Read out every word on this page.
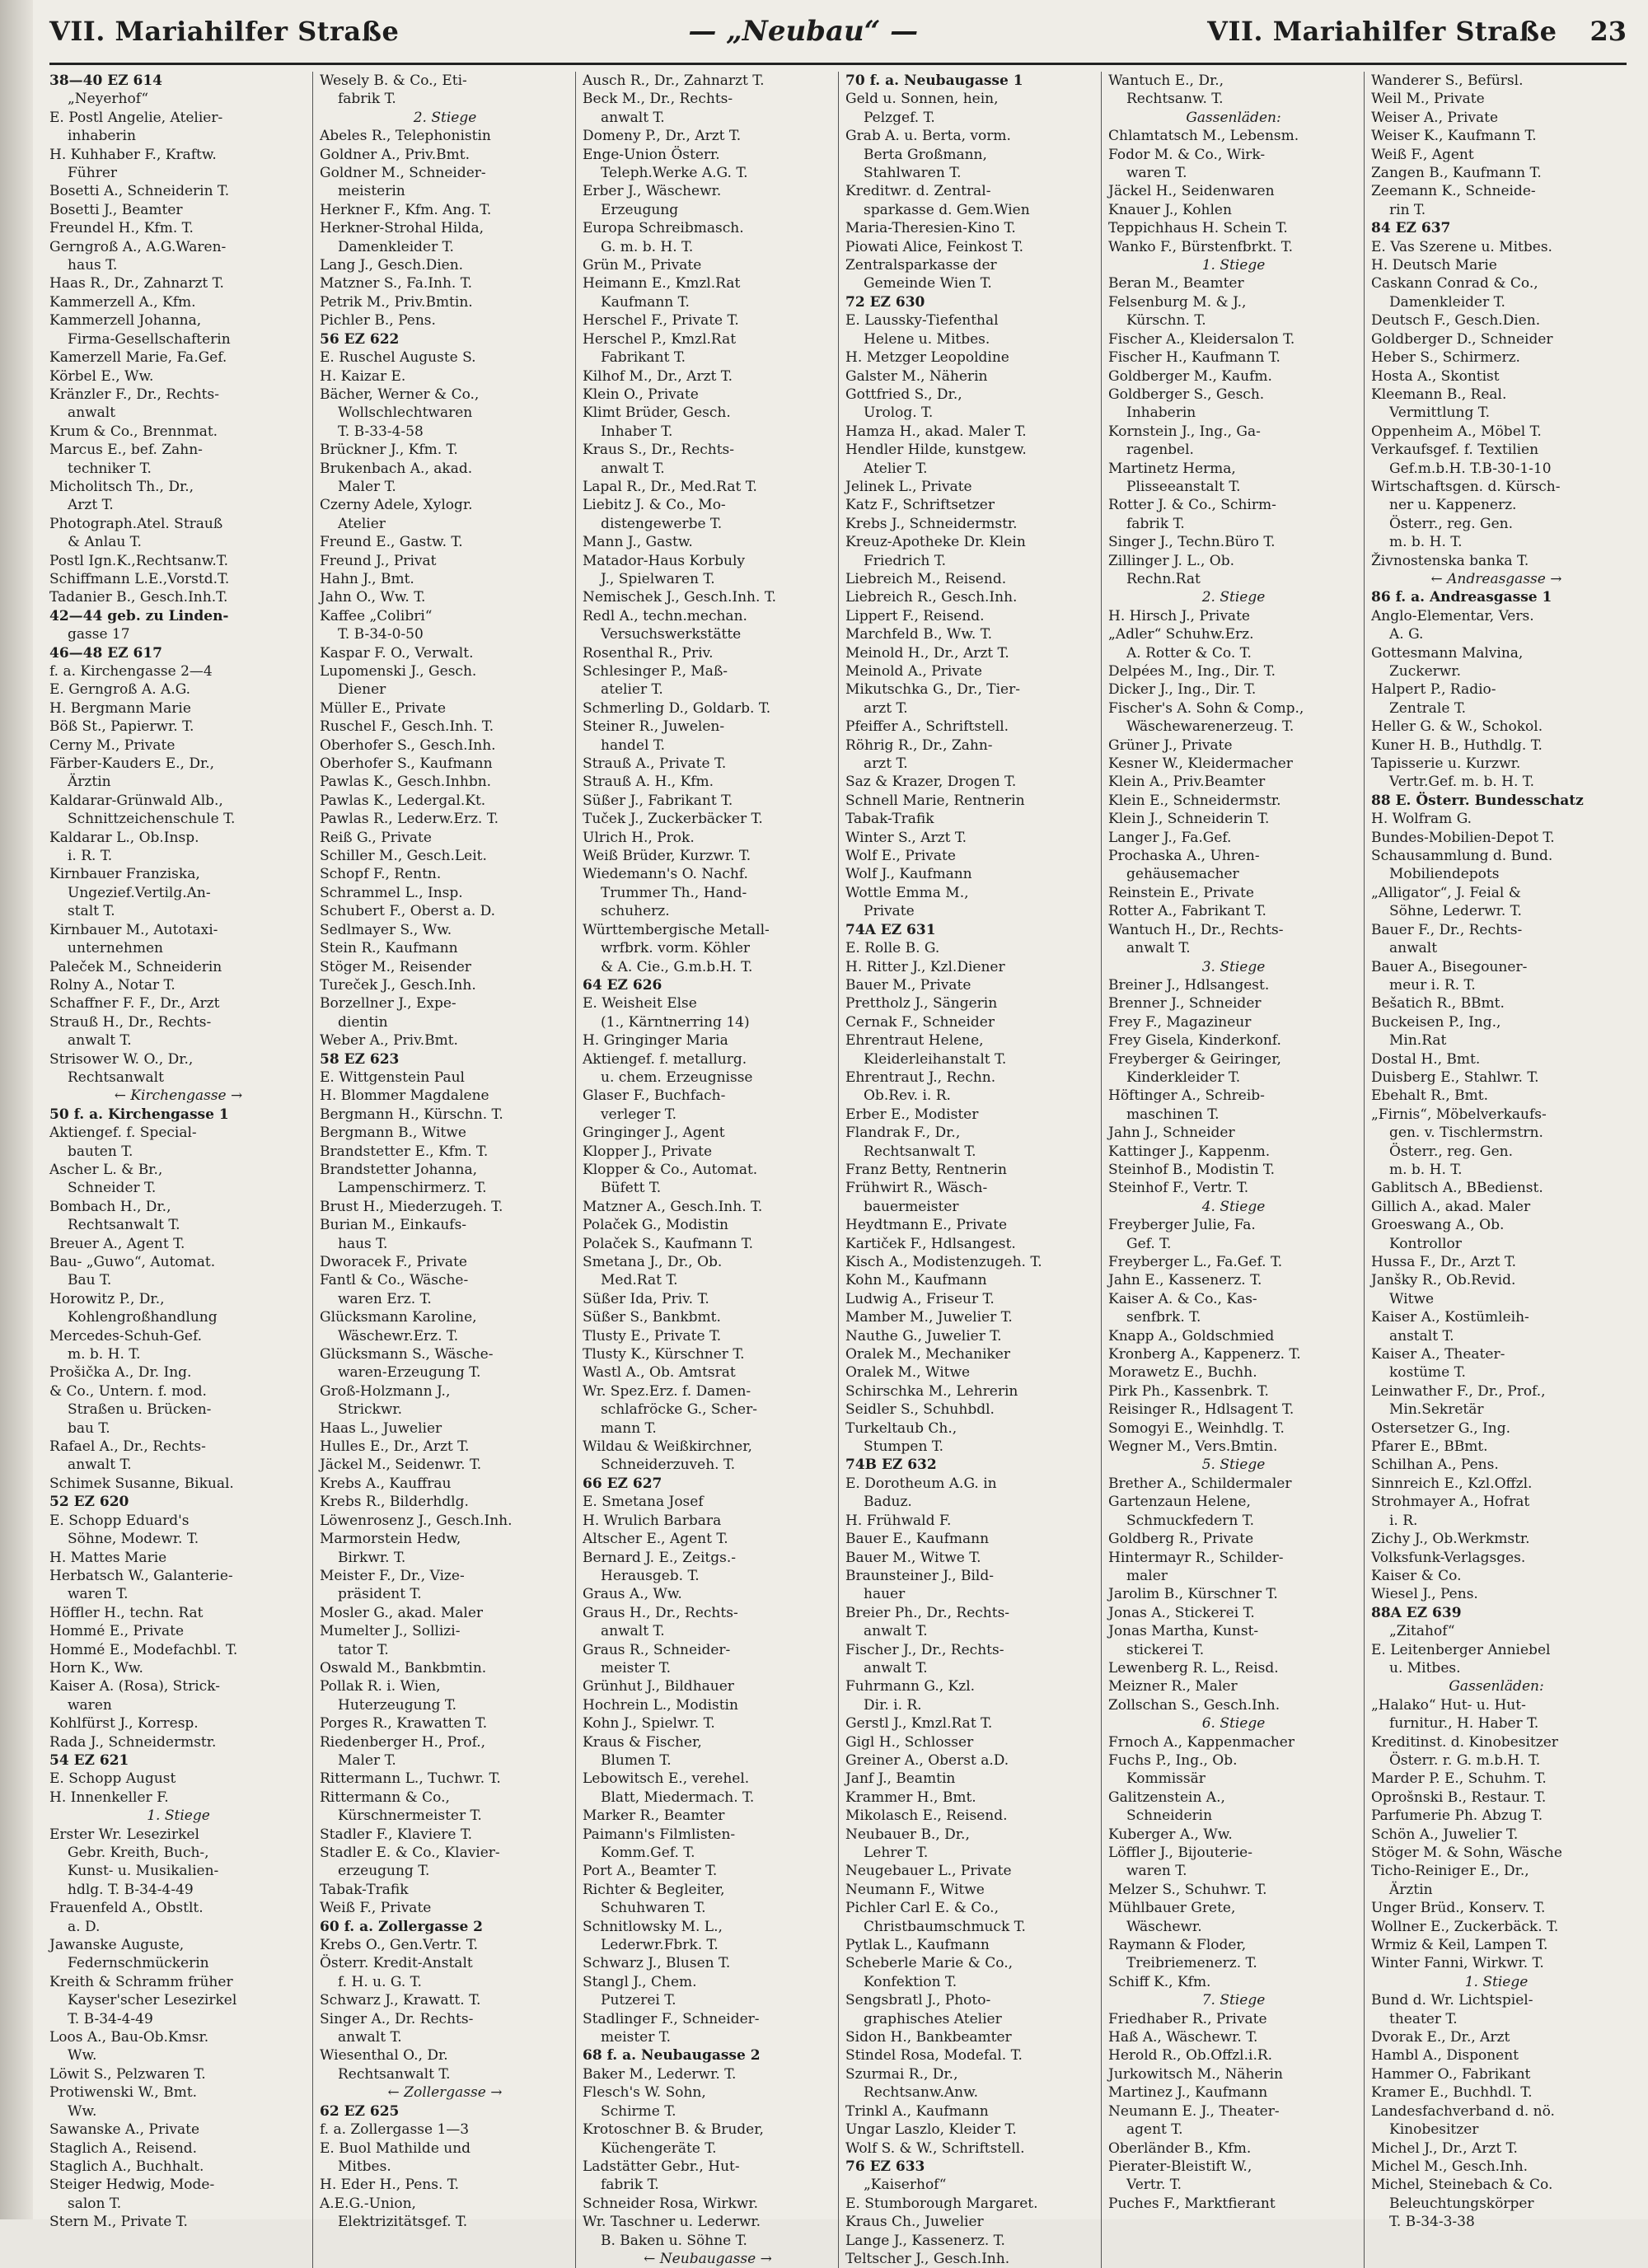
VII. Mariahilfer Straße	— „Neubau“ —	VII. Mariahilfer Straße 23
38—40 EZ 614
„Neyerhof“
E. Postl Angelie, Atelier-
inhaberin
H. Kuhhaber F., Kraftw.
Führer
Bosetti A., Schneiderin T.
Bosetti J., Beamter
Freundel H., Kfm. T.
Gerngroß A., A.G.Waren-
haus T.
Haas R., Dr., Zahnarzt T.
Kammerzell A., Kfm.
Kammerzell Johanna,
Firma-Gesellschafterin
Kamerzell Marie, Fa.Gef.
Körbel E., Ww.
Kränzler F., Dr., Rechts-
anwalt
Krum & Co., Brennmat.
Marcus E., bef. Zahn-
techniker T.
Micholitsch Th., Dr.,
Arzt T.
Photograph.Atel. Strauß
& Anlau T.
Postl Ign.K.,Rechtsanw.T.
Schiffmann L.E.,Vorstd.T.
Tadanier B., Gesch.Inh.T.
42—44 geb. zu Linden-
gasse 17
46—48 EZ 617
f. a. Kirchengasse 2—4
E. Gerngroß A. A.G.
H. Bergmann Marie
Böß St., Papierwr. T.
Cerny M., Private
Färber-Kauders E., Dr.,
Ärztin
Kaldarar-Grünwald Alb.,
Schnittzeichenschule T.
Kaldarar L., Ob.Insp.
i. R. T.
Kirnbauer Franziska,
Ungezief.Vertilg.An-
stalt T.
Kirnbauer M., Autotaxi-
unternehmen
Paleček M., Schneiderin
Rolny A., Notar T.
Schaffner F. F., Dr., Arzt
Strauß H., Dr., Rechts-
anwalt T.
Strisower W. O., Dr.,
Rechtsanwalt
← Kirchengasse →
50 f. a. Kirchengasse 1
Aktiengef. f. Special-
bauten T.
Ascher L. & Br.,
Schneider T.
Bombach H., Dr.,
Rechtsanwalt T.
Breuer A., Agent T.
Bau- „Guwo“, Automat.
Bau T.
Horowitz P., Dr.,
Kohlengroßhandlung
Mercedes-Schuh-Gef.
m. b. H. T.
Prošička A., Dr. Ing.
& Co., Untern. f. mod.
Straßen u. Brücken-
bau T.
Rafael A., Dr., Rechts-
anwalt T.
Schimek Susanne, Bikual.
52 EZ 620
E. Schopp Eduard's
Söhne, Modewr. T.
H. Mattes Marie
Herbatsch W., Galanterie-
waren T.
Höffler H., techn. Rat
Hommé E., Private
Hommé E., Modefachbl. T.
Horn K., Ww.
Kaiser A. (Rosa), Strick-
waren
Kohlfürst J., Korresp.
Rada J., Schneidermstr.
54 EZ 621
E. Schopp August
H. Innenkeller F.
1. Stiege
Erster Wr. Lesezirkel
Gebr. Kreith, Buch-,
Kunst- u. Musikalien-
hdlg. T. B-34-4-49
Frauenfeld A., Obstlt.
a. D.
Jawanske Auguste,
Federnschmückerin
Kreith & Schramm früher
Kayser'scher Lesezirkel
T. B-34-4-49
Loos A., Bau-Ob.Kmsr.
Ww.
Löwit S., Pelzwaren T.
Protiwenski W., Bmt.
Ww.
Sawanske A., Private
Staglich A., Reisend.
Staglich A., Buchhalt.
Steiger Hedwig, Mode-
salon T.
Stern M., Private T.
Wesely B. & Co., Eti-
fabrik T.
2. Stiege
Abeles R., Telephonistin
Goldner A., Priv.Bmt.
Goldner M., Schneider-
meisterin
Herkner F., Kfm. Ang. T.
Herkner-Strohal Hilda,
Damenkleider T.
Lang J., Gesch.Dien.
Matzner S., Fa.Inh. T.
Petrik M., Priv.Bmtin.
Pichler B., Pens.
56 EZ 622
E. Ruschel Auguste S.
H. Kaizar E.
Bächer, Werner & Co.,
Wollschlechtwaren
T. B-33-4-58
Brückner J., Kfm. T.
Brukenbach A., akad.
Maler T.
Czerny Adele, Xylogr.
Atelier
Freund E., Gastw. T.
Freund J., Privat
Hahn J., Bmt.
Jahn O., Ww. T.
Kaffee „Colibri“
T. B-34-0-50
Kaspar F. O., Verwalt.
Lupomenski J., Gesch.
Diener
Müller E., Private
Ruschel F., Gesch.Inh. T.
Oberhofer S., Gesch.Inh.
Oberhofer S., Kaufmann
Pawlas K., Gesch.Inhbn.
Pawlas K., Ledergal.Kt.
Pawlas R., Lederw.Erz. T.
Reiß G., Private
Schiller M., Gesch.Leit.
Schopf F., Rentn.
Schrammel L., Insp.
Schubert F., Oberst a. D.
Sedlmayer S., Ww.
Stein R., Kaufmann
Stöger M., Reisender
Tureček J., Gesch.Inh.
Borzellner J., Expe-
dientin
Weber A., Priv.Bmt.
58 EZ 623
E. Wittgenstein Paul
H. Blommer Magdalene
Bergmann H., Kürschn. T.
Bergmann B., Witwe
Brandstetter E., Kfm. T.
Brandstetter Johanna,
Lampenschirmerz. T.
Brust H., Miederzugeh. T.
Burian M., Einkaufs-
haus T.
Dworacek F., Private
Fantl & Co., Wäsche-
waren Erz. T.
Glücksmann Karoline,
Wäschewr.Erz. T.
Glücksmann S., Wäsche-
waren-Erzeugung T.
Groß-Holzmann J.,
Strickwr.
Haas L., Juwelier
Hulles E., Dr., Arzt T.
Jäckel M., Seidenwr. T.
Krebs A., Kauffrau
Krebs R., Bilderhdlg.
Löwenrosenz J., Gesch.Inh.
Marmorstein Hedw,
Birkwr. T.
Meister F., Dr., Vize-
präsident T.
Mosler G., akad. Maler
Mumelter J., Sollizi-
tator T.
Oswald M., Bankbmtin.
Pollak R. i. Wien,
Huterzeugung T.
Porges R., Krawatten T.
Riedenberger H., Prof.,
Maler T.
Rittermann L., Tuchwr. T.
Rittermann & Co.,
Kürschnermeister T.
Stadler F., Klaviere T.
Stadler E. & Co., Klavier-
erzeugung T.
Tabak-Trafik
Weiß F., Private
60 f. a. Zollergasse 2
Krebs O., Gen.Vertr. T.
Österr. Kredit-Anstalt
f. H. u. G. T.
Schwarz J., Krawatt. T.
Singer A., Dr. Rechts-
anwalt T.
Wiesenthal O., Dr.
Rechtsanwalt T.
← Zollergasse →
62 EZ 625
f. a. Zollergasse 1—3
E. Buol Mathilde und
Mitbes.
H. Eder H., Pens. T.
A.E.G.-Union,
Elektrizitätsgef. T.
Ausch R., Dr., Zahnarzt T.
Beck M., Dr., Rechts-
anwalt T.
Domeny P., Dr., Arzt T.
Enge-Union Österr.
Teleph.Werke A.G. T.
Erber J., Wäschewr.
Erzeugung
Europa Schreibmasch.
G. m. b. H. T.
Grün M., Private
Heimann E., Kmzl.Rat
Kaufmann T.
Herschel F., Private T.
Herschel P., Kmzl.Rat
Fabrikant T.
Kilhof M., Dr., Arzt T.
Klein O., Private
Klimt Brüder, Gesch.
Inhaber T.
Kraus S., Dr., Rechts-
anwalt T.
Lapal R., Dr., Med.Rat T.
Liebitz J. & Co., Mo-
distengewerbe T.
Mann J., Gastw.
Matador-Haus Korbuly
J., Spielwaren T.
Nemischek J., Gesch.Inh. T.
Redl A., techn.mechan.
Versuchswerkstätte
Rosenthal R., Priv.
Schlesinger P., Maß-
atelier T.
Schmerling D., Goldarb. T.
Steiner R., Juwelen-
handel T.
Strauß A., Private T.
Strauß A. H., Kfm.
Süßer J., Fabrikant T.
Tuček J., Zuckerbäcker T.
Ulrich H., Prok.
Weiß Brüder, Kurzwr. T.
Wiedemann's O. Nachf.
Trummer Th., Hand-
schuherz.
Württembergische Metall-
wrfbrk. vorm. Köhler
& A. Cie., G.m.b.H. T.
64 EZ 626
E. Weisheit Else
(1., Kärntnerring 14)
H. Gringinger Maria
Aktiengef. f. metallurg.
u. chem. Erzeugnisse
Glaser F., Buchfach-
verleger T.
Gringinger J., Agent
Klopper J., Private
Klopper & Co., Automat.
Büfett T.
Matzner A., Gesch.Inh. T.
Polaček G., Modistin
Polaček S., Kaufmann T.
Smetana J., Dr., Ob.
Med.Rat T.
Süßer Ida, Priv. T.
Süßer S., Bankbmt.
Tlusty E., Private T.
Tlusty K., Kürschner T.
Wastl A., Ob. Amtsrat
Wr. Spez.Erz. f. Damen-
schlafröcke G., Scher-
mann T.
Wildau & Weißkirchner,
Schneiderzuveh. T.
66 EZ 627
E. Smetana Josef
H. Wrulich Barbara
Altscher E., Agent T.
Bernard J. E., Zeitgs.-
Herausgeb. T.
Graus A., Ww.
Graus H., Dr., Rechts-
anwalt T.
Graus R., Schneider-
meister T.
Grünhut J., Bildhauer
Hochrein L., Modistin
Kohn J., Spielwr. T.
Kraus & Fischer,
Blumen T.
Lebowitsch E., verehel.
Blatt, Miedermach. T.
Marker R., Beamter
Paimann's Filmlisten-
Komm.Gef. T.
Port A., Beamter T.
Richter & Begleiter,
Schuhwaren T.
Schnitlowsky M. L.,
Lederwr.Fbrk. T.
Schwarz J., Blusen T.
Stangl J., Chem.
Putzerei T.
Stadlinger F., Schneider-
meister T.
68 f. a. Neubaugasse 2
Baker M., Lederwr. T.
Flesch's W. Sohn,
Schirme T.
Krotoschner B. & Bruder,
Küchengeräte T.
Ladstätter Gebr., Hut-
fabrik T.
Schneider Rosa, Wirkwr.
Wr. Taschner u. Lederwr.
B. Baken u. Söhne T.
← Neubaugasse →
70 f. a. Neubaugasse 1
Geld u. Sonnen, hein,
Pelzgef. T.
Grab A. u. Berta, vorm.
Berta Großmann,
Stahlwaren T.
Kreditwr. d. Zentral-
sparkasse d. Gem.Wien
Maria-Theresien-Kino T.
Piowati Alice, Feinkost T.
Zentralsparkasse der
Gemeinde Wien T.
72 EZ 630
E. Laussky-Tiefenthal
Helene u. Mitbes.
H. Metzger Leopoldine
Galster M., Näherin
Gottfried S., Dr.,
Urolog. T.
Hamza H., akad. Maler T.
Hendler Hilde, kunstgew.
Atelier T.
Jelinek L., Private
Katz F., Schriftsetzer
Krebs J., Schneidermstr.
Kreuz-Apotheke Dr. Klein
Friedrich T.
Liebreich M., Reisend.
Liebreich R., Gesch.Inh.
Lippert F., Reisend.
Marchfeld B., Ww. T.
Meinold H., Dr., Arzt T.
Meinold A., Private
Mikutschka G., Dr., Tier-
arzt T.
Pfeiffer A., Schriftstell.
Röhrig R., Dr., Zahn-
arzt T.
Saz & Krazer, Drogen T.
Schnell Marie, Rentnerin
Tabak-Trafik
Winter S., Arzt T.
Wolf E., Private
Wolf J., Kaufmann
Wottle Emma M.,
Private
74A EZ 631
E. Rolle B. G.
H. Ritter J., Kzl.Diener
Bauer M., Private
Prettholz J., Sängerin
Cernak F., Schneider
Ehrentraut Helene,
Kleiderleihanstalt T.
Ehrentraut J., Rechn.
Ob.Rev. i. R.
Erber E., Modister
Flandrak F., Dr.,
Rechtsanwalt T.
Franz Betty, Rentnerin
Frühwirt R., Wäsch-
bauermeister
Heydtmann E., Private
Kartiček F., Hdlsangest.
Kisch A., Modistenzugeh. T.
Kohn M., Kaufmann
Ludwig A., Friseur T.
Mamber M., Juwelier T.
Nauthe G., Juwelier T.
Oralek M., Mechaniker
Oralek M., Witwe
Schirschka M., Lehrerin
Seidler S., Schuhbdl.
Turkeltaub Ch.,
Stumpen T.
74B EZ 632
E. Dorotheum A.G. in
Baduz.
H. Frühwald F.
Bauer E., Kaufmann
Bauer M., Witwe T.
Braunsteiner J., Bild-
hauer
Breier Ph., Dr., Rechts-
anwalt T.
Fischer J., Dr., Rechts-
anwalt T.
Fuhrmann G., Kzl.
Dir. i. R.
Gerstl J., Kmzl.Rat T.
Gigl H., Schlosser
Greiner A., Oberst a.D.
Janf J., Beamtin
Krammer H., Bmt.
Mikolasch E., Reisend.
Neubauer B., Dr.,
Lehrer T.
Neugebauer L., Private
Neumann F., Witwe
Pichler Carl E. & Co.,
Christbaumschmuck T.
Pytlak L., Kaufmann
Scheberle Marie & Co.,
Konfektion T.
Sengsbratl J., Photo-
graphisches Atelier
Sidon H., Bankbeamter
Stindel Rosa, Modefal. T.
Szurmai R., Dr.,
Rechtsanw.Anw.
Trinkl A., Kaufmann
Ungar Laszlo, Kleider T.
Wolf S. & W., Schriftstell.
76 EZ 633
„Kaiserhof“
E. Stumborough Margaret.
Kraus Ch., Juwelier
Lange J., Kassenerz. T.
Teltscher J., Gesch.Inh.
Wantuch E., Dr.,
Rechtsanw. T.
Gassenläden:
Chlamtatsch M., Lebensm.
Fodor M. & Co., Wirk-
waren T.
Jäckel H., Seidenwaren
Knauer J., Kohlen
Teppichhaus H. Schein T.
Wanko F., Bürstenfbrkt. T.
1. Stiege
Beran M., Beamter
Felsenburg M. & J.,
Kürschn. T.
Fischer A., Kleidersalon T.
Fischer H., Kaufmann T.
Goldberger M., Kaufm.
Goldberger S., Gesch.
Inhaberin
Kornstein J., Ing., Ga-
ragenbel.
Martinetz Herma,
Plisseeanstalt T.
Rotter J. & Co., Schirm-
fabrik T.
Singer J., Techn.Büro T.
Zillinger J. L., Ob.
Rechn.Rat
2. Stiege
H. Hirsch J., Private
„Adler“ Schuhw.Erz.
A. Rotter & Co. T.
Delpées M., Ing., Dir. T.
Dicker J., Ing., Dir. T.
Fischer's A. Sohn & Comp.,
Wäschewarenerzeug. T.
Grüner J., Private
Kesner W., Kleidermacher
Klein A., Priv.Beamter
Klein E., Schneidermstr.
Klein J., Schneiderin T.
Langer J., Fa.Gef.
Prochaska A., Uhren-
gehäusemacher
Reinstein E., Private
Rotter A., Fabrikant T.
Wantuch H., Dr., Rechts-
anwalt T.
3. Stiege
Breiner J., Hdlsangest.
Brenner J., Schneider
Frey F., Magazineur
Frey Gisela, Kinderkonf.
Freyberger & Geiringer,
Kinderkleider T.
Höftinger A., Schreib-
maschinen T.
Jahn J., Schneider
Kattinger J., Kappenm.
Steinhof B., Modistin T.
Steinhof F., Vertr. T.
4. Stiege
Freyberger Julie, Fa.
Gef. T.
Freyberger L., Fa.Gef. T.
Jahn E., Kassenerz. T.
Kaiser A. & Co., Kas-
senfbrk. T.
Knapp A., Goldschmied
Kronberg A., Kappenerz. T.
Morawetz E., Buchh.
Pirk Ph., Kassenbrk. T.
Reisinger R., Hdlsagent T.
Somogyi E., Weinhdlg. T.
Wegner M., Vers.Bmtin.
5. Stiege
Brether A., Schildermaler
Gartenzaun Helene,
Schmuckfedern T.
Goldberg R., Private
Hintermayr R., Schilder-
maler
Jarolim B., Kürschner T.
Jonas A., Stickerei T.
Jonas Martha, Kunst-
stickerei T.
Lewenberg R. L., Reisd.
Meizner R., Maler
Zollschan S., Gesch.Inh.
6. Stiege
Frnoch A., Kappenmacher
Fuchs P., Ing., Ob.
Kommissär
Galitzenstein A.,
Schneiderin
Kuberger A., Ww.
Löffler J., Bijouterie-
waren T.
Melzer S., Schuhwr. T.
Mühlbauer Grete,
Wäschewr.
Raymann & Floder,
Treibriemenerz. T.
Schiff K., Kfm.
7. Stiege
Friedhaber R., Private
Haß A., Wäschewr. T.
Herold R., Ob.Offzl.i.R.
Jurkowitsch M., Näherin
Martinez J., Kaufmann
Neumann E. J., Theater-
agent T.
Oberländer B., Kfm.
Pierater-Bleistift W.,
Vertr. T.
Puches F., Marktfierant
Wanderer S., Befürsl.
Weil M., Private
Weiser A., Private
Weiser K., Kaufmann T.
Weiß F., Agent
Zangen B., Kaufmann T.
Zeemann K., Schneide-
rin T.
84 EZ 637
E. Vas Szerene u. Mitbes.
H. Deutsch Marie
Caskann Conrad & Co.,
Damenkleider T.
Deutsch F., Gesch.Dien.
Goldberger D., Schneider
Heber S., Schirmerz.
Hosta A., Skontist
Kleemann B., Real.
Vermittlung T.
Oppenheim A., Möbel T.
Verkaufsgef. f. Textilien
Gef.m.b.H. T.B-30-1-10
Wirtschaftsgen. d. Kürsch-
ner u. Kappenerz.
Österr., reg. Gen.
m. b. H. T.
Živnostenska banka T.
← Andreasgasse →
86 f. a. Andreasgasse 1
Anglo-Elementar, Vers.
A. G.
Gottesmann Malvina,
Zuckerwr.
Halpert P., Radio-
Zentrale T.
Heller G. & W., Schokol.
Kuner H. B., Huthdlg. T.
Tapisserie u. Kurzwr.
Vertr.Gef. m. b. H. T.
88 E. Österr. Bundesschatz
H. Wolfram G.
Bundes-Mobilien-Depot T.
Schausammlung d. Bund.
Mobiliendepots
„Alligator“, J. Feial &
Söhne, Lederwr. T.
Bauer F., Dr., Rechts-
anwalt
Bauer A., Bisegouner-
meur i. R. T.
Bešatich R., BBmt.
Buckeisen P., Ing.,
Min.Rat
Dostal H., Bmt.
Duisberg E., Stahlwr. T.
Ebehalt R., Bmt.
„Firnis“, Möbelverkaufs-
gen. v. Tischlermstrn.
Österr., reg. Gen.
m. b. H. T.
Gablitsch A., BBedienst.
Gillich A., akad. Maler
Groeswang A., Ob.
Kontrollor
Hussa F., Dr., Arzt T.
Janšky R., Ob.Revid.
Witwe
Kaiser A., Kostümleih-
anstalt T.
Kaiser A., Theater-
kostüme T.
Leinwather F., Dr., Prof.,
Min.Sekretär
Ostersetzer G., Ing.
Pfarer E., BBmt.
Schilhan A., Pens.
Sinnreich E., Kzl.Offzl.
Strohmayer A., Hofrat
i. R.
Zichy J., Ob.Werkmstr.
Volksfunk-Verlagsges.
Kaiser & Co.
Wiesel J., Pens.
88A EZ 639
„Zitahof“
E. Leitenberger Anniebel
u. Mitbes.
Gassenläden:
„Halako“ Hut- u. Hut-
furnitur., H. Haber T.
Kreditinst. d. Kinobesitzer
Österr. r. G. m.b.H. T.
Marder P. E., Schuhm. T.
Oprošnski B., Restaur. T.
Parfumerie Ph. Abzug T.
Schön A., Juwelier T.
Stöger M. & Sohn, Wäsche
Ticho-Reiniger E., Dr.,
Ärztin
Unger Brüd., Konserv. T.
Wollner E., Zuckerbäck. T.
Wrmiz & Keil, Lampen T.
Winter Fanni, Wirkwr. T.
1. Stiege
Bund d. Wr. Lichtspiel-
theater T.
Dvorak E., Dr., Arzt
Hambl A., Disponent
Hammer O., Fabrikant
Kramer E., Buchhdl. T.
Landesfachverband d. nö.
Kinobesitzer
Michel J., Dr., Arzt T.
Michel M., Gesch.Inh.
Michel, Steinebach & Co.
Beleuchtungskörper
T. B-34-3-38
